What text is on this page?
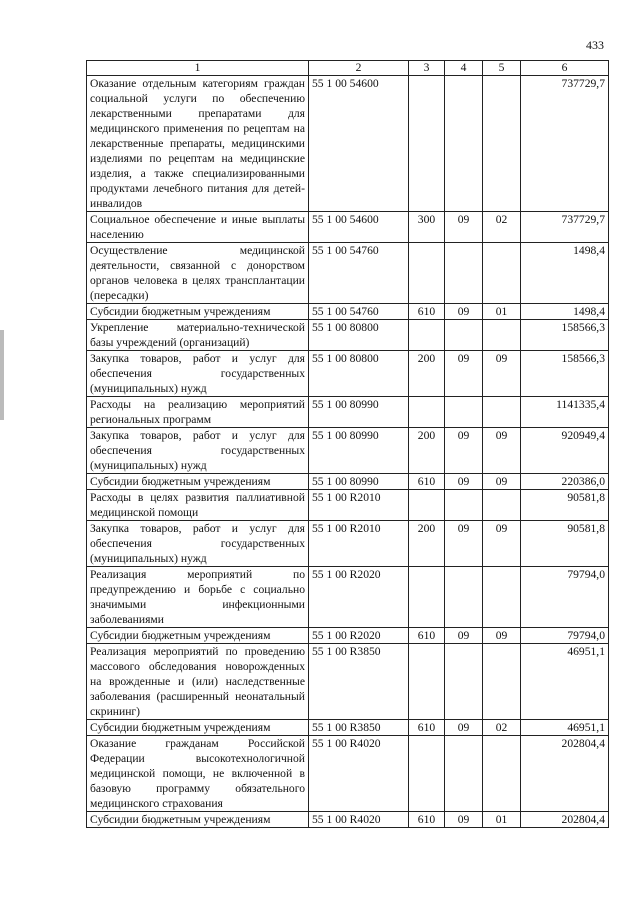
433
1	2	3	4	5	6
Оказание отдельным категориям граждан социальной услуги по обеспечению лекарственными препаратами для медицинского применения по рецептам на лекарственные препараты, медицинскими изделиями по рецептам на медицинские изделия, а также специализированными продуктами лечебного питания для детей-инвалидов	55 1 00 54600				737729,7
Социальное обеспечение и иные выплаты населению	55 1 00 54600	300	09	02	737729,7
Осуществление медицинской деятельности, связанной с донорством органов человека в целях трансплантации (пересадки)	55 1 00 54760				1498,4
Субсидии бюджетным учреждениям	55 1 00 54760	610	09	01	1498,4
Укрепление материально-технической базы учреждений (организаций)	55 1 00 80800				158566,3
Закупка товаров, работ и услуг для обеспечения государственных (муниципальных) нужд	55 1 00 80800	200	09	09	158566,3
Расходы на реализацию мероприятий региональных программ	55 1 00 80990				1141335,4
Закупка товаров, работ и услуг для обеспечения государственных (муниципальных) нужд	55 1 00 80990	200	09	09	920949,4
Субсидии бюджетным учреждениям	55 1 00 80990	610	09	09	220386,0
Расходы в целях развития паллиативной медицинской помощи	55 1 00 R2010				90581,8
Закупка товаров, работ и услуг для обеспечения государственных (муниципальных) нужд	55 1 00 R2010	200	09	09	90581,8
Реализация мероприятий по предупреждению и борьбе с социально значимыми инфекционными заболеваниями	55 1 00 R2020				79794,0
Субсидии бюджетным учреждениям	55 1 00 R2020	610	09	09	79794,0
Реализация мероприятий по проведению массового обследования новорожденных на врожденные и (или) наследственные заболевания (расширенный неонатальный скрининг)	55 1 00 R3850				46951,1
Субсидии бюджетным учреждениям	55 1 00 R3850	610	09	02	46951,1
Оказание гражданам Российской Федерации высокотехнологичной медицинской помощи, не включенной в базовую программу обязательного медицинского страхования	55 1 00 R4020				202804,4
Субсидии бюджетным учреждениям	55 1 00 R4020	610	09	01	202804,4
